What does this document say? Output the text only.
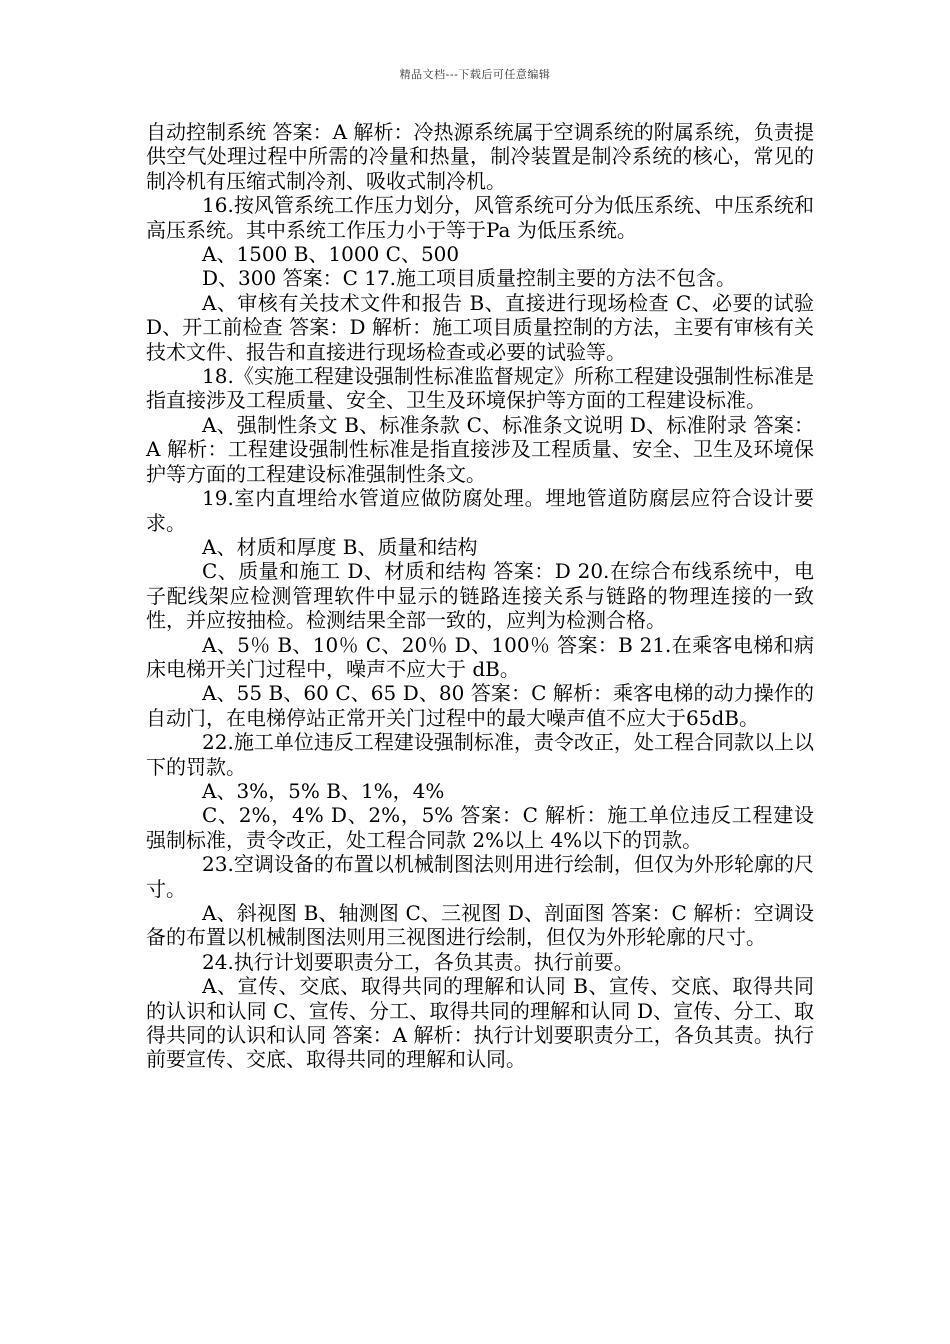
精品文档---下载后可任意编辑

自动控制系统 答案：A 解析：冷热源系统属于空调系统的附属系统，负责提供空气处理过程中所需的冷量和热量，制冷装置是制冷系统的核心，常见的制冷机有压缩式制冷剂、吸收式制冷机。

16.按风管系统工作压力划分，风管系统可分为低压系统、中压系统和高压系统。其中系统工作压力小于等于Pa 为低压系统。

A、1500 B、1000 C、500

D、300 答案：C 17.施工项目质量控制主要的方法不包含。

A、审核有关技术文件和报告 B、直接进行现场检查 C、必要的试验 D、开工前检查 答案：D 解析：施工项目质量控制的方法，主要有审核有关技术文件、报告和直接进行现场检查或必要的试验等。

18.《实施工程建设强制性标准监督规定》所称工程建设强制性标准是指直接涉及工程质量、安全、卫生及环境保护等方面的工程建设标准。

A、强制性条文 B、标准条款 C、标准条文说明 D、标准附录 答案：A 解析：工程建设强制性标准是指直接涉及工程质量、安全、卫生及环境保护等方面的工程建设标准强制性条文。

19.室内直埋给水管道应做防腐处理。埋地管道防腐层应符合设计要求。

A、材质和厚度 B、质量和结构

C、质量和施工 D、材质和结构 答案：D 20.在综合布线系统中，电子配线架应检测管理软件中显示的链路连接关系与链路的物理连接的一致性，并应按抽检。检测结果全部一致的，应判为检测合格。

A、5％ B、10％ C、20％ D、100％ 答案：B 21.在乘客电梯和病床电梯开关门过程中，噪声不应大于 dB。

A、55 B、60 C、65 D、80 答案：C 解析：乘客电梯的动力操作的自动门，在电梯停站正常开关门过程中的最大噪声值不应大于65dB。

22.施工单位违反工程建设强制标准，责令改正，处工程合同款以上以下的罚款。

A、3%，5% B、1%，4%

C、2%，4% D、2%，5% 答案：C 解析：施工单位违反工程建设强制标准，责令改正，处工程合同款 2%以上 4%以下的罚款。

23.空调设备的布置以机械制图法则用进行绘制，但仅为外形轮廓的尺寸。

A、斜视图 B、轴测图 C、三视图 D、剖面图 答案：C 解析：空调设备的布置以机械制图法则用三视图进行绘制，但仅为外形轮廓的尺寸。

24.执行计划要职责分工，各负其责。执行前要。

A、宣传、交底、取得共同的理解和认同 B、宣传、交底、取得共同的认识和认同 C、宣传、分工、取得共同的理解和认同 D、宣传、分工、取得共同的认识和认同 答案：A 解析：执行计划要职责分工，各负其责。执行前要宣传、交底、取得共同的理解和认同。
